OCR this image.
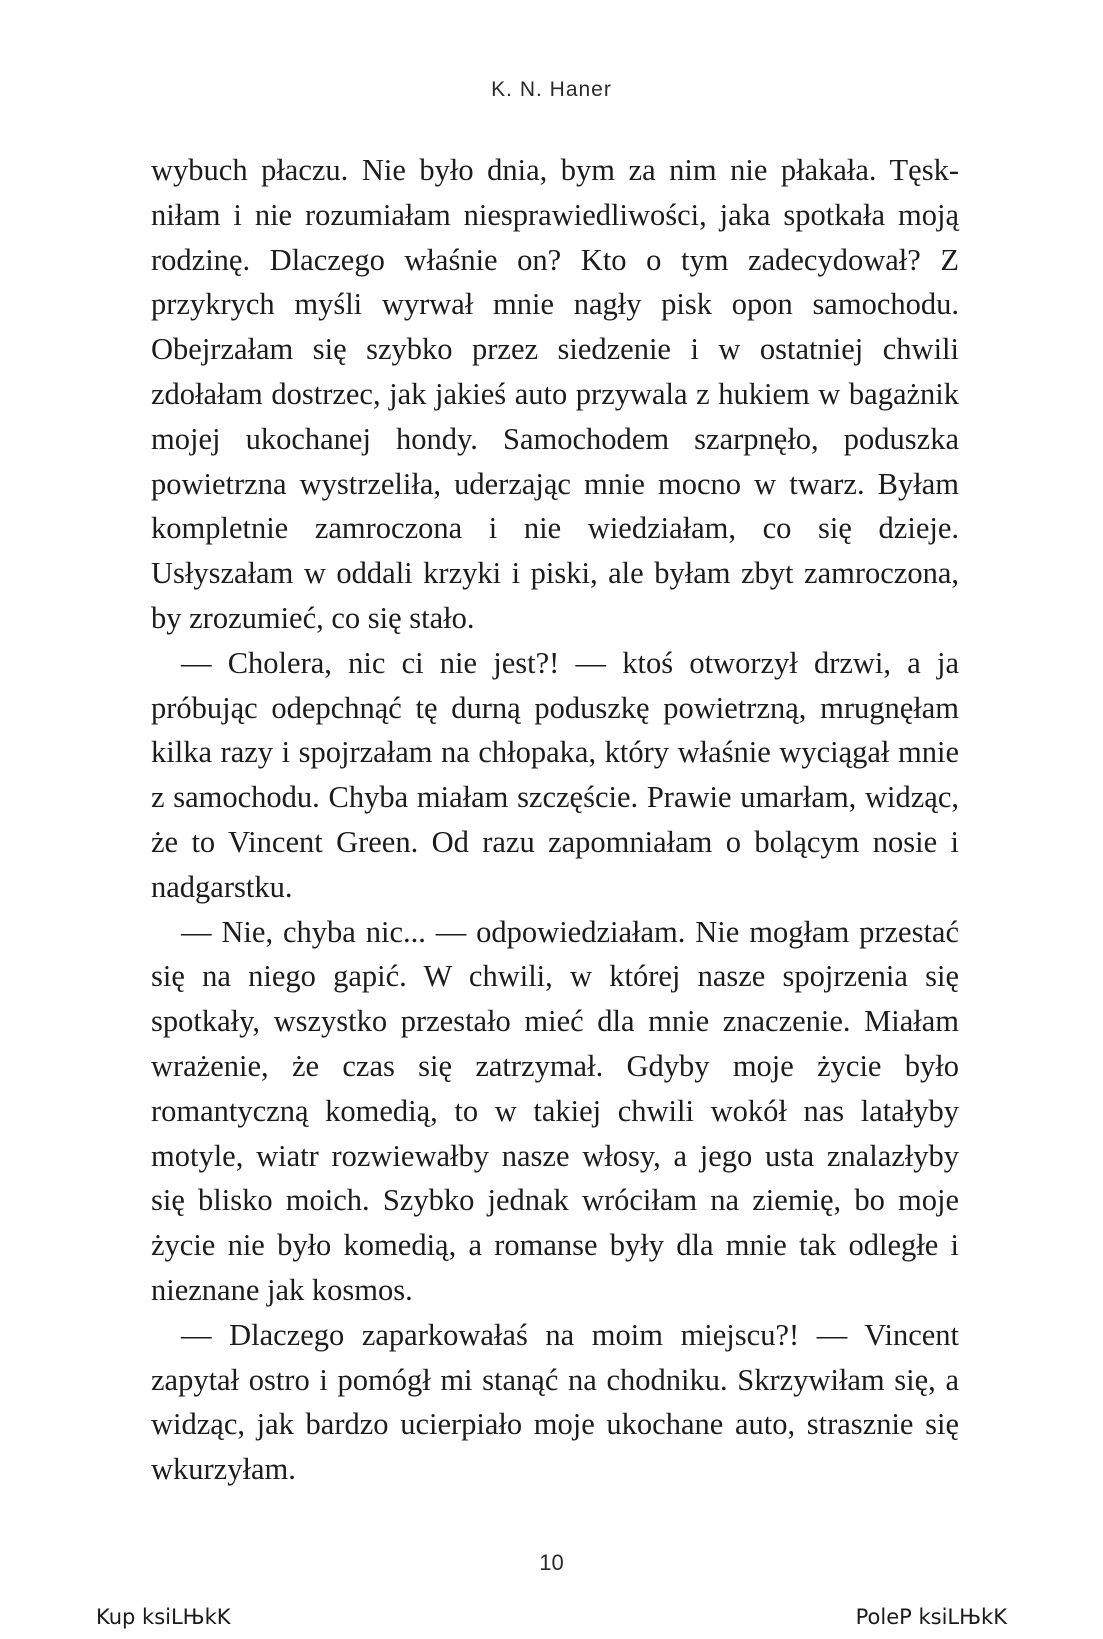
K. N. Haner

wybuch płaczu. Nie było dnia, bym za nim nie płakała. Tęskniłam i nie rozumiałam niesprawiedliwości, jaka spotkała moją rodzinę. Dlaczego właśnie on? Kto o tym zadecydował? Z przykrych myśli wyrwał mnie nagły pisk opon samochodu. Obejrzałam się szybko przez siedzenie i w ostatniej chwili zdołałam dostrzec, jak jakieś auto przywala z hukiem w bagażnik mojej ukochanej hondy. Samochodem szarpnęło, poduszka powietrzna wystrzeliła, uderzając mnie mocno w twarz. Byłam kompletnie zamroczona i nie wiedziałam, co się dzieje. Usłyszałam w oddali krzyki i piski, ale byłam zbyt zamroczona, by zrozumieć, co się stało.

— Cholera, nic ci nie jest?! — ktoś otworzył drzwi, a ja próbując odepchnąć tę durną poduszkę powietrzną, mrugnęłam kilka razy i spojrzałam na chłopaka, który właśnie wyciągał mnie z samochodu. Chyba miałam szczęście. Prawie umarłam, widząc, że to Vincent Green. Od razu zapomniałam o bolącym nosie i nadgarstku.

— Nie, chyba nic... — odpowiedziałam. Nie mogłam przestać się na niego gapić. W chwili, w której nasze spojrzenia się spotkały, wszystko przestało mieć dla mnie znaczenie. Miałam wrażenie, że czas się zatrzymał. Gdyby moje życie było romantyczną komedią, to w takiej chwili wokół nas latałyby motyle, wiatr rozwiewałby nasze włosy, a jego usta znalazłyby się blisko moich. Szybko jednak wróciłam na ziemię, bo moje życie nie było komedią, a romanse były dla mnie tak odległe i nieznane jak kosmos.

— Dlaczego zaparkowałaś na moim miejscu?! — Vincent zapytał ostro i pomógł mi stanąć na chodniku. Skrzywiłam się, a widząc, jak bardzo ucierpiało moje ukochane auto, strasznie się wkurzyłam.

10
Kup ksiLЊkK	PoleP ksiLЊkK
